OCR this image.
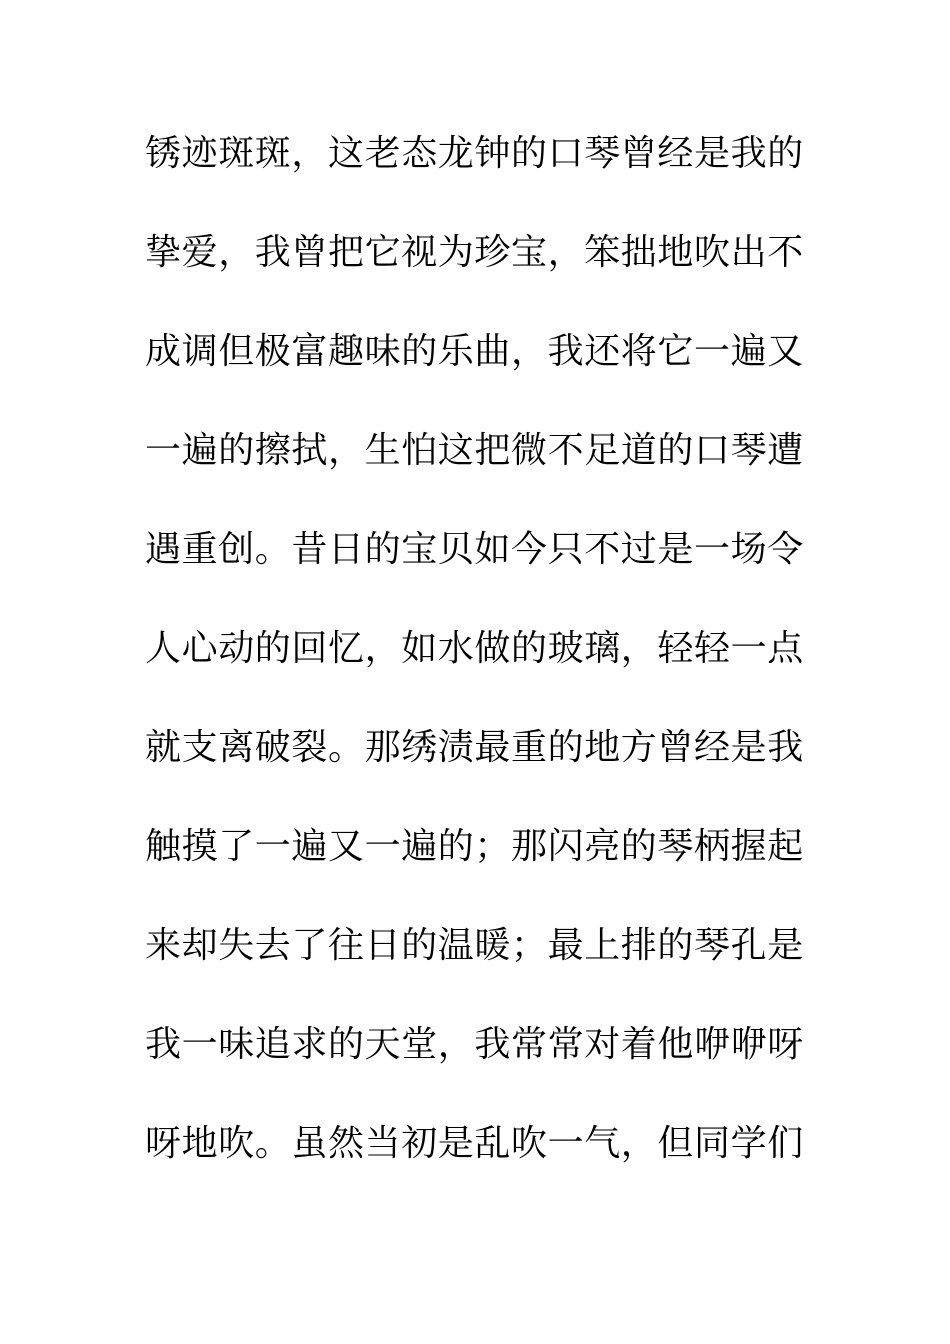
锈迹斑斑，这老态龙钟的口琴曾经是我的
挚爱，我曾把它视为珍宝，笨拙地吹出不
成调但极富趣味的乐曲，我还将它一遍又
一遍的擦拭，生怕这把微不足道的口琴遭
遇重创。昔日的宝贝如今只不过是一场令
人心动的回忆，如水做的玻璃，轻轻一点
就支离破裂。那绣渍最重的地方曾经是我
触摸了一遍又一遍的；那闪亮的琴柄握起
来却失去了往日的温暖；最上排的琴孔是
我一味追求的天堂，我常常对着他咿咿呀
呀地吹。虽然当初是乱吹一气，但同学们
